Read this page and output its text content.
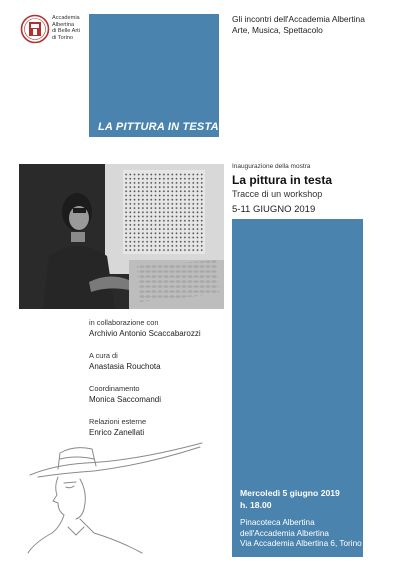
Accademia
Albertina
di Belle Arti
di Torino
Gli incontri dell'Accademia Albertina
Arte, Musica, Spettacolo
LA PITTURA IN TESTA
Inaugurazione della mostra
La pittura in testa
Tracce di un workshop
5-11 GIUGNO 2019
in collaborazione con
Archivio Antonio Scaccabarozzi
A cura di
Anastasia Rouchota
Coordinamento
Monica Saccomandi
Relazioni esterne
Enrico Zanellati
Mercoledì 5 giugno 2019
h. 18.00
Pinacoteca Albertina
dell'Accademia Albertina
Via Accademia Albertina 6, Torino
